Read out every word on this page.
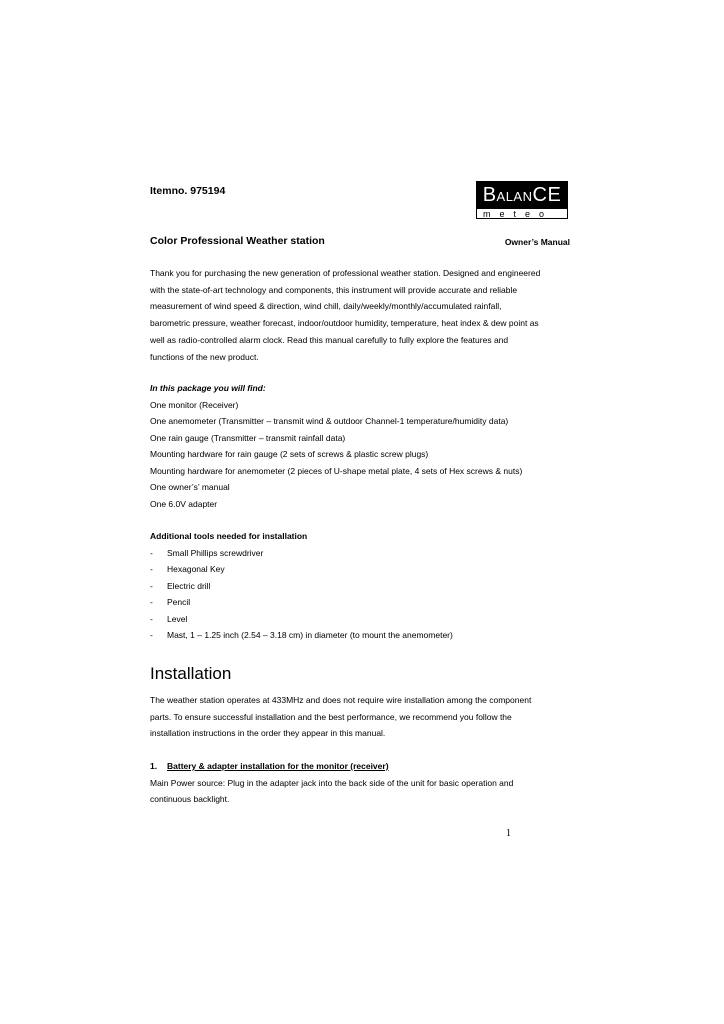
Itemno. 975194	BALANCE
meteo
Color Professional Weather station	Owner’s Manual
Thank you for purchasing the new generation of professional weather station. Designed and engineered
with the state-of-art technology and components, this instrument will provide accurate and reliable
measurement of wind speed & direction, wind chill, daily/weekly/monthly/accumulated rainfall,
barometric pressure, weather forecast, indoor/outdoor humidity, temperature, heat index & dew point as
well as radio-controlled alarm clock. Read this manual carefully to fully explore the features and
functions of the new product.
In this package you will find:
One monitor (Receiver)
One anemometer (Transmitter – transmit wind & outdoor Channel-1 temperature/humidity data)
One rain gauge (Transmitter – transmit rainfall data)
Mounting hardware for rain gauge (2 sets of screws & plastic screw plugs)
Mounting hardware for anemometer (2 pieces of U-shape metal plate, 4 sets of Hex screws & nuts)
One owner’s’ manual
One 6.0V adapter
Additional tools needed for installation
- Small Phillips screwdriver
- Hexagonal Key
- Electric drill
- Pencil
- Level
- Mast, 1 – 1.25 inch (2.54 – 3.18 cm) in diameter (to mount the anemometer)
Installation
The weather station operates at 433MHz and does not require wire installation among the component
parts. To ensure successful installation and the best performance, we recommend you follow the
installation instructions in the order they appear in this manual.
1. Battery & adapter installation for the monitor (receiver)
Main Power source: Plug in the adapter jack into the back side of the unit for basic operation and
continuous backlight.
1
